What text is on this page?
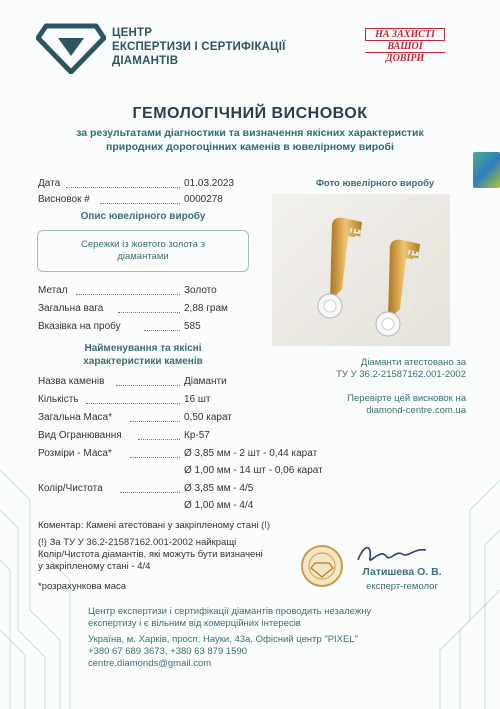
ЦЕНТР
ЕКСПЕРТИЗИ І СЕРТИФІКАЦІЇ
ДІАМАНТІВ
НА ЗАХИСТІ
ВАШОЇ
ДОВІРИ
ГЕМОЛОГІЧНИЙ ВИСНОВОК
за результатами діагностики та визначення якісних характеристик
природних дорогоцінних каменів в ювелірному виробі
Дата	01.03.2023
Висновок #	0000278
Опис ювелірного виробу
Сережки із жовтого золота з
діамантами
Метал	Золото
Загальна вага	2,88 грам
Вказівка на пробу	585
Найменування та якісні
характеристики каменів
Назва каменів	Діаманти
Кількість	16 шт
Загальна Маса*	0,50 карат
Вид Огранювання	Кр-57
Розміри - Маса*	Ø 3,85 мм - 2 шт - 0,44 карат
Ø 1,00 мм - 14 шт - 0,06 карат
Колір/Чистота	Ø 3,85 мм - 4/5
Ø 1,00 мм - 4/4
Фото ювелірного виробу
Діаманти атестовано за
ТУ У 36.2-21587162.001-2002
Перевірте цей висновок на
diamond-centre.com.ua
Коментар: Камені атестовані у закріпленому стані (!)
(!) За ТУ У 36.2-21587162.001-2002 найкращі
Колір/Чистота діамантів, які можуть бути визначені
у закріпленому стані - 4/4
*розрахункова маса
Латишева О. В.
експерт-гемолог
Центр експертизи і сертифікації діамантів проводить незалежну
експертизу і є вільним від комерційних інтересів
Україна, м. Харків, просп. Науки, 43а, Офісний центр "PIXEL"
+380 67 689 3673, +380 63 879 1590
centre.diamonds@gmail.com
